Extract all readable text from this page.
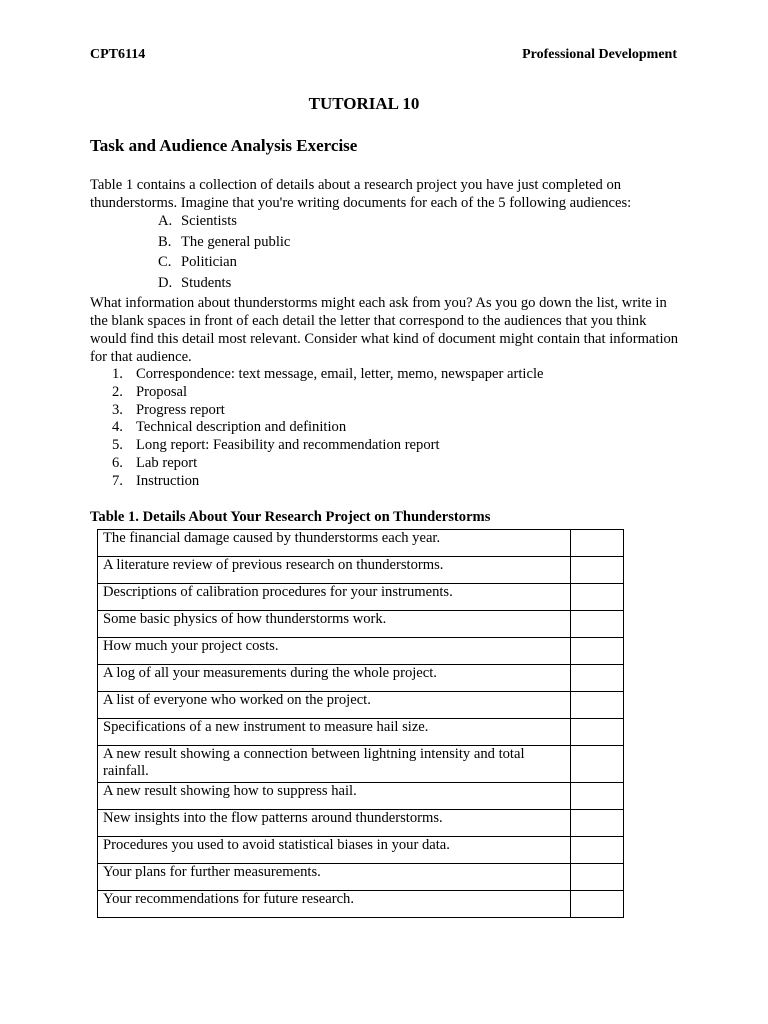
CPT6114	Professional Development
TUTORIAL 10
Task and Audience Analysis Exercise
Table 1 contains a collection of details about a research project you have just completed on thunderstorms. Imagine that you're writing documents for each of the 5 following audiences:
A. Scientists
B. The general public
C. Politician
D. Students
What information about thunderstorms might each ask from you? As you go down the list, write in the blank spaces in front of each detail the letter that correspond to the audiences that you think would find this detail most relevant. Consider what kind of document might contain that information for that audience.
1. Correspondence: text message, email, letter, memo, newspaper article
2. Proposal
3. Progress report
4. Technical description and definition
5. Long report: Feasibility and recommendation report
6. Lab report
7. Instruction
Table 1. Details About Your Research Project on Thunderstorms
The financial damage caused by thunderstorms each year.	
A literature review of previous research on thunderstorms.	
Descriptions of calibration procedures for your instruments.	
Some basic physics of how thunderstorms work.	
How much your project costs.	
A log of all your measurements during the whole project.	
A list of everyone who worked on the project.	
Specifications of a new instrument to measure hail size.	
A new result showing a connection between lightning intensity and total rainfall.	
A new result showing how to suppress hail.	
New insights into the flow patterns around thunderstorms.	
Procedures you used to avoid statistical biases in your data.	
Your plans for further measurements.	
Your recommendations for future research.	
